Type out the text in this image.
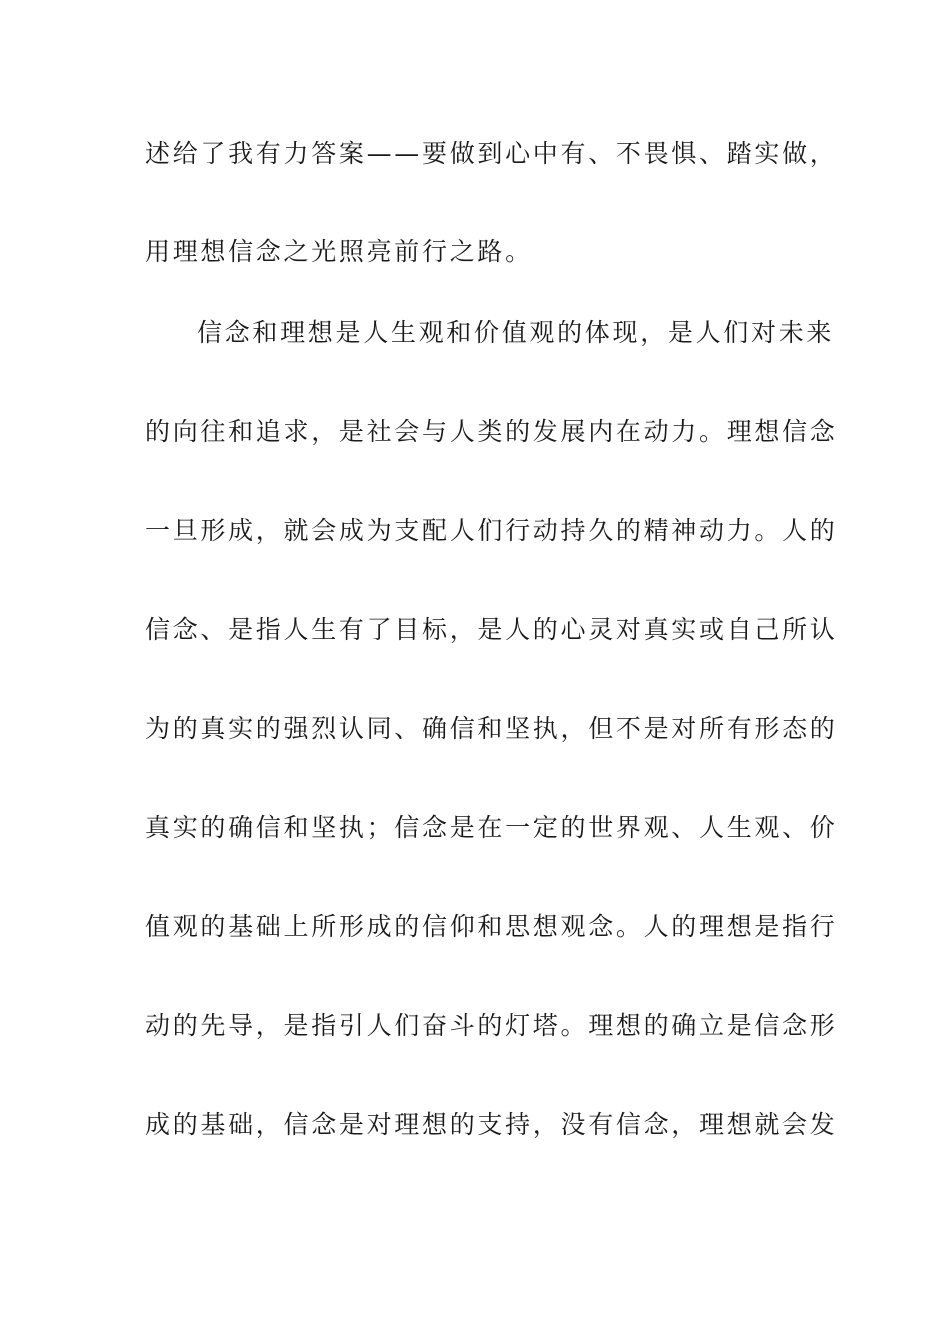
述给了我有力答案——要做到心中有、不畏惧、踏实做，
用理想信念之光照亮前行之路。
信念和理想是人生观和价值观的体现，是人们对未来
的向往和追求，是社会与人类的发展内在动力。理想信念
一旦形成，就会成为支配人们行动持久的精神动力。人的
信念、是指人生有了目标，是人的心灵对真实或自己所认
为的真实的强烈认同、确信和坚执，但不是对所有形态的
真实的确信和坚执；信念是在一定的世界观、人生观、价
值观的基础上所形成的信仰和思想观念。人的理想是指行
动的先导，是指引人们奋斗的灯塔。理想的确立是信念形
成的基础，信念是对理想的支持，没有信念，理想就会发
